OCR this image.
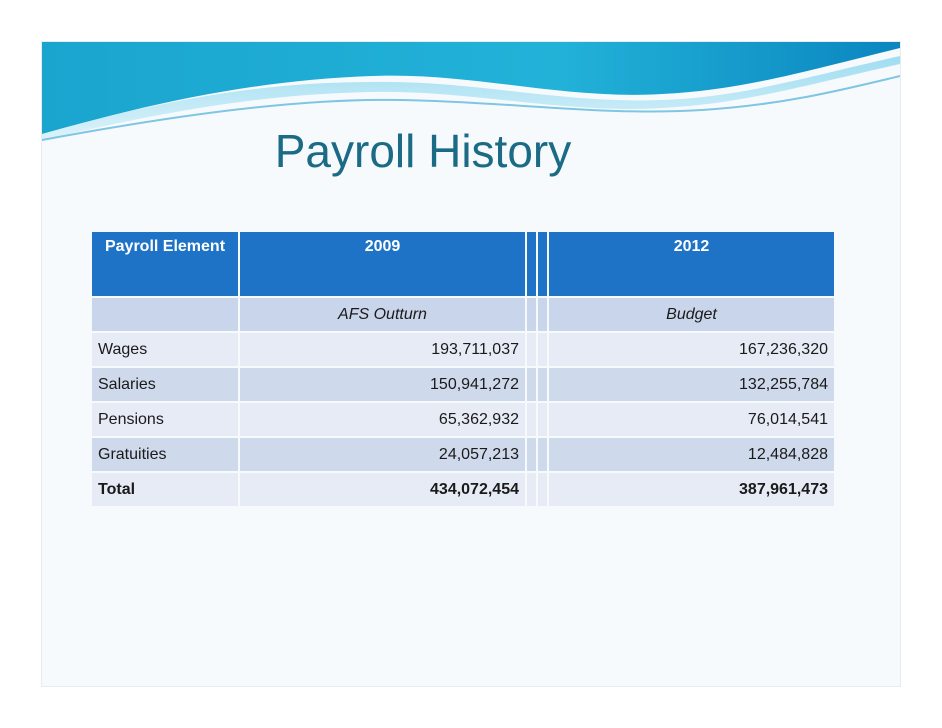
Payroll History
Payroll Element	2009			2012
	AFS Outturn			Budget
Wages	193,711,037			167,236,320
Salaries	150,941,272			132,255,784
Pensions	65,362,932			76,014,541
Gratuities	24,057,213			12,484,828
Total	434,072,454			387,961,473
